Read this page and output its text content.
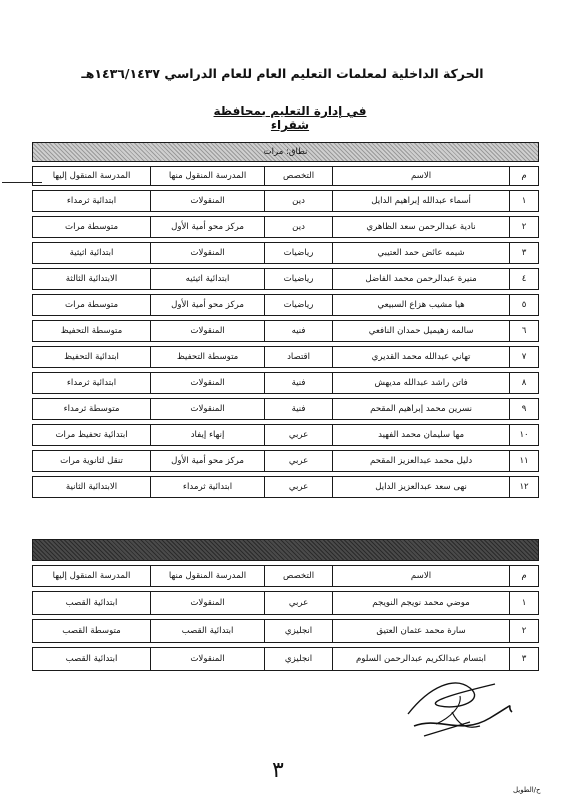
الحركة الداخلية لمعلمات التعليم العام للعام الدراسي ١٤٣٦/١٤٣٧هـ
في إدارة التعليم بمحافظة شقراء
نطاق: مرات				
م	الاسم	التخصص	المدرسة المنقول منها	المدرسة المنقول إليها
١	أسماء عبدالله إبراهيم الدايل	دين	المنقولات	ابتدائية ثرمداء
٢	نادية عبدالرحمن سعد الظاهري	دين	مركز محو أمية الأول	متوسطة مرات
٣	شيمه عائض حمد العتيبي	رياضيات	المنقولات	ابتدائية اثيثية
٤	منيرة عبدالرحمن محمد الفاضل	رياضيات	ابتدائية اثيثيه	الابتدائية الثالثة
٥	هيا مشيب هزاع السبيعي	رياضيات	مركز محو أمية الأول	متوسطة مرات
٦	سالمه زهيميل حمدان النافعي	فنيه	المنقولات	متوسطة التحفيظ
٧	تهاني عبدالله محمد القديري	اقتصاد	متوسطة التحفيظ	ابتدائية التحفيظ
٨	فاتن راشد عبدالله مديهش	فنية	المنقولات	ابتدائية ثرمداء
٩	نسرين محمد إبراهيم المقحم	فنية	المنقولات	متوسطة ثرمداء
١٠	مها سليمان محمد الفهيد	عربي	إنهاء إيفاد	ابتدائية تحفيظ مرات
١١	دليل محمد عبدالعزيز المقحم	عربي	مركز محو أمية الأول	تنقل لثانوية مرات
١٢	نهى سعد عبدالعزيز الدايل	عربي	ابتدائية ثرمداء	الابتدائية الثانية

م	الاسم	التخصص	المدرسة المنقول منها	المدرسة المنقول إليها
١	موضي محمد نويجم النويجم	عربي	المنقولات	ابتدائية القصب
٢	سارة محمد عثمان العتيق	انجليزي	ابتدائية القصب	متوسطة القصب
٣	ابتسام عبدالكريم عبدالرحمن السلوم	انجليزي	المنقولات	ابتدائية القصب
٣
ح/الطويل
